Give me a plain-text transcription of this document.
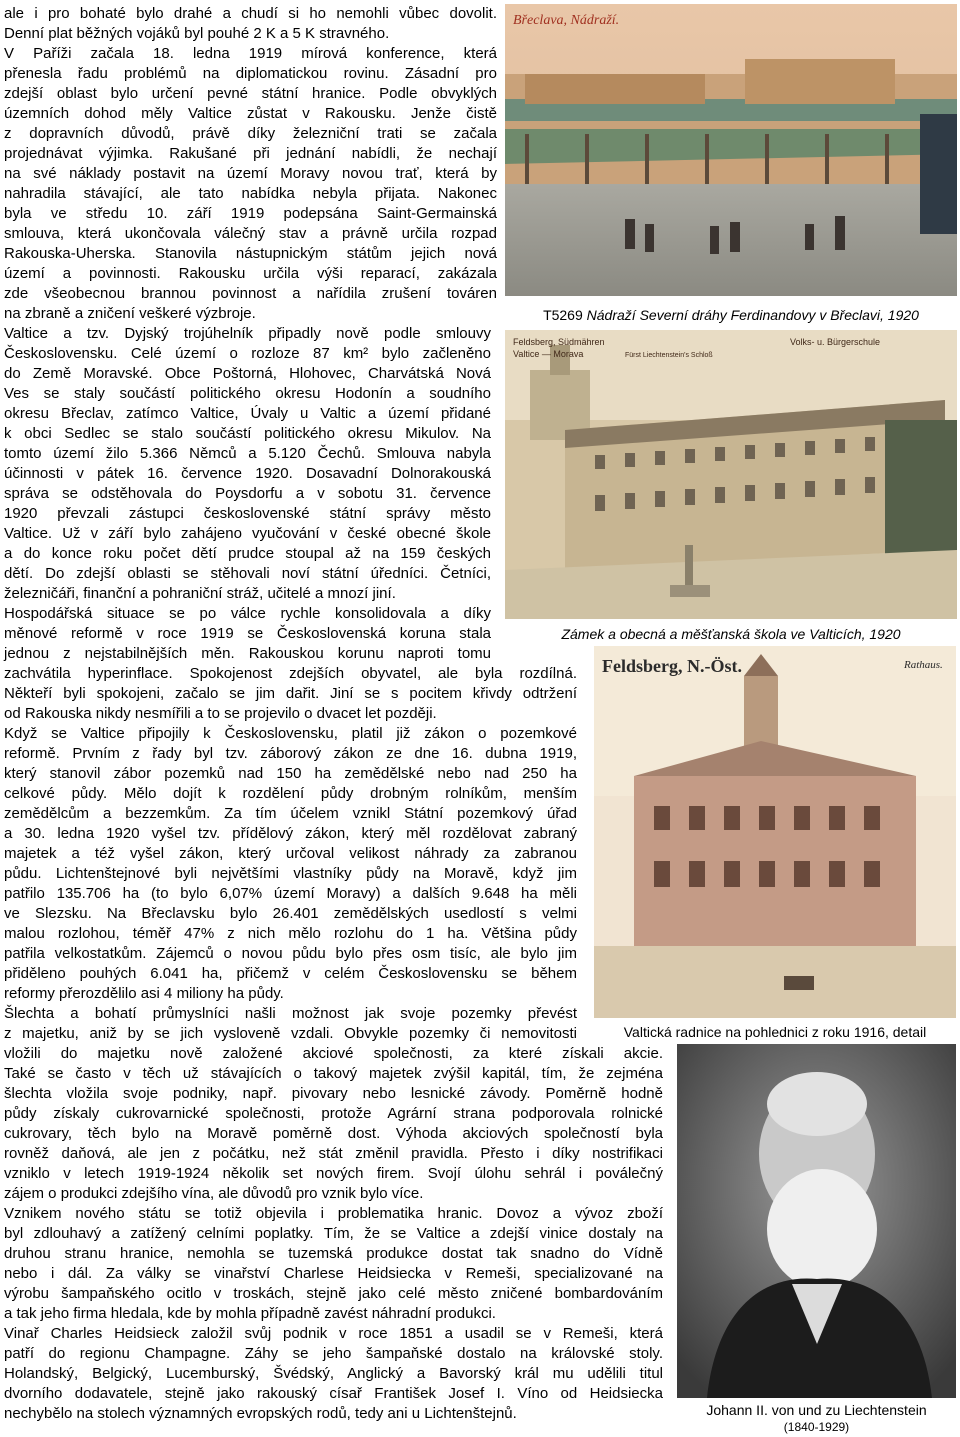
ale i pro bohaté bylo drahé a chudí si ho nemohli vůbec dovolit.
Denní plat běžných vojáků byl pouhé 2 K a 5 K stravného.
V Paříži začala 18. ledna 1919 mírová konference, která
přenesla řadu problémů na diplomatickou rovinu. Zásadní pro
zdejší oblast bylo určení pevné státní hranice. Podle obvyklých
územních dohod měly Valtice zůstat v Rakousku. Jenže čistě
z dopravních důvodů, právě díky železniční trati se začala
projednávat výjimka. Rakušané při jednání nabídli, že nechají
na své náklady postavit na území Moravy novou trať, která by
nahradila stávající, ale tato nabídka nebyla přijata. Nakonec
byla ve středu 10. září 1919 podepsána Saint-Germainská
smlouva, která ukončovala válečný stav a právně určila rozpad
Rakouska-Uherska. Stanovila nástupnickým státům jejich nová
území a povinnosti. Rakousku určila výši reparací, zakázala
zde všeobecnou brannou povinnost a nařídila zrušení továren
na zbraně a zničení veškeré výzbroje.
Valtice a tzv. Dyjský trojúhelník připadly nově podle smlouvy
Československu. Celé území o rozloze 87 km² bylo začleněno
do Země Moravské. Obce Poštorná, Hlohovec, Charvátská Nová
Ves se staly součástí politického okresu Hodonín a soudního
okresu Břeclav, zatímco Valtice, Úvaly u Valtic a území přidané
k obci Sedlec se stalo součástí politického okresu Mikulov. Na
tomto území žilo 5.366 Němců a 5.120 Čechů. Smlouva nabyla
účinnosti v pátek 16. července 1920. Dosavadní Dolnorakouská
správa se odstěhovala do Poysdorfu a v sobotu 31. července
1920 převzali zástupci československé státní správy město
Valtice. Už v září bylo zahájeno vyučování v české obecné škole
a do konce roku počet dětí prudce stoupal až na 159 českých
dětí. Do zdejší oblasti se stěhovali noví státní úředníci. Četníci,
železničáři, finanční a pohraniční stráž, učitelé a mnozí jiní.
Hospodářská situace se po válce rychle konsolidovala a díky
měnové reformě v roce 1919 se Československá koruna stala
jednou z nejstabilnějších měn. Rakouskou korunu naproti tomu
zachvátila hyperinflace. Spokojenost zdejších obyvatel, ale byla rozdílná.
Někteří byli spokojeni, začalo se jim dařit. Jiní se s pocitem křivdy odtržení
od Rakouska nikdy nesmířili a to se projevilo o dvacet let později.
Když se Valtice připojily k Československu, platil již zákon o pozemkové
reformě. Prvním z řady byl tzv. záborový zákon ze dne 16. dubna 1919,
který stanovil zábor pozemků nad 150 ha zemědělské nebo nad 250 ha
celkové půdy. Mělo dojít k rozdělení půdy drobným rolníkům, menším
zemědělcům a bezzemkům. Za tím účelem vznikl Státní pozemkový úřad
a 30. ledna 1920 vyšel tzv. přídělový zákon, který měl rozdělovat zabraný
majetek a též vyšel zákon, který určoval velikost náhrady za zabranou
půdu. Lichtenštejnové byli největšími vlastníky půdy na Moravě, když jim
patřilo 135.706 ha (to bylo 6,07% území Moravy) a dalších 9.648 ha měli
ve Slezsku. Na Břeclavsku bylo 26.401 zemědělských usedlostí s velmi
malou rozlohou, téměř 47% z nich mělo rozlohu do 1 ha. Většina půdy
patřila velkostatkům. Zájemců o novou půdu bylo přes osm tisíc, ale bylo jim
přiděleno pouhých 6.041 ha, přičemž v celém Československu se během
reformy přerozdělilo asi 4 miliony ha půdy.
Šlechta a bohatí průmyslníci našli možnost jak svoje pozemky převést
z majetku, aniž by se jich vysloveně vzdali. Obvykle pozemky či nemovitosti
vložili do majetku nově založené akciové společnosti, za které získali akcie.
Také se často v těch už stávajících o takový majetek zvýšil kapitál, tím, že zejména
šlechta vložila svoje podniky, např. pivovary nebo lesnické závody. Poměrně hodně
půdy získaly cukrovarnické společnosti, protože Agrární strana podporovala rolnické
cukrovary, těch bylo na Moravě poměrně dost. Výhoda akciových společností byla
rovněž daňová, ale jen z počátku, než stát změnil pravidla. Přesto i díky nostrifikaci
vzniklo v letech 1919-1924 několik set nových firem. Svojí úlohu sehrál i poválečný
zájem o produkci zdejšího vína, ale důvodů pro vznik bylo více.
Vznikem nového státu se totiž objevila i problematika hranic. Dovoz a vývoz zboží
byl zdlouhavý a zatížený celními poplatky. Tím, že se Valtice a zdejší vinice dostaly na
druhou stranu hranice, nemohla se tuzemská produkce dostat tak snadno do Vídně
nebo i dál. Za války se vinařství Charlese Heidsiecka v Remeši, specializované na
výrobu šampaňského ocitlo v troskách, stejně jako celé město zničené bombardováním
a tak jeho firma hledala, kde by mohla případně zavést náhradní produkci.
Vinař Charles Heidsieck založil svůj podnik v roce 1851 a usadil se v Remeši, která
patří do regionu Champagne. Záhy se jeho šampaňské dostalo na královské stoly.
Holandský, Belgický, Lucemburský, Švédský, Anglický a Bavorský král mu udělili titul
dvorního dodavatele, stejně jako rakouský císař František Josef I. Víno od Heidsiecka
nechybělo na stolech významných evropských rodů, tedy ani u Lichtenštejnů.
Břeclava, Nádraží.
T5269 Nádraží Severní dráhy Ferdinandovy v Břeclavi, 1920
Feldsberg, Südmähren
Valtice — Morava	Fürst Liechtenstein's Schloß
Volks- u. Bürgerschule
Zámek a obecná a měšťanská škola ve Valticích, 1920
Feldsberg, N.-Öst.	Rathaus.
Valtická radnice na pohlednici z roku 1916, detail
Johann II. von und zu Liechtenstein
(1840-1929)
